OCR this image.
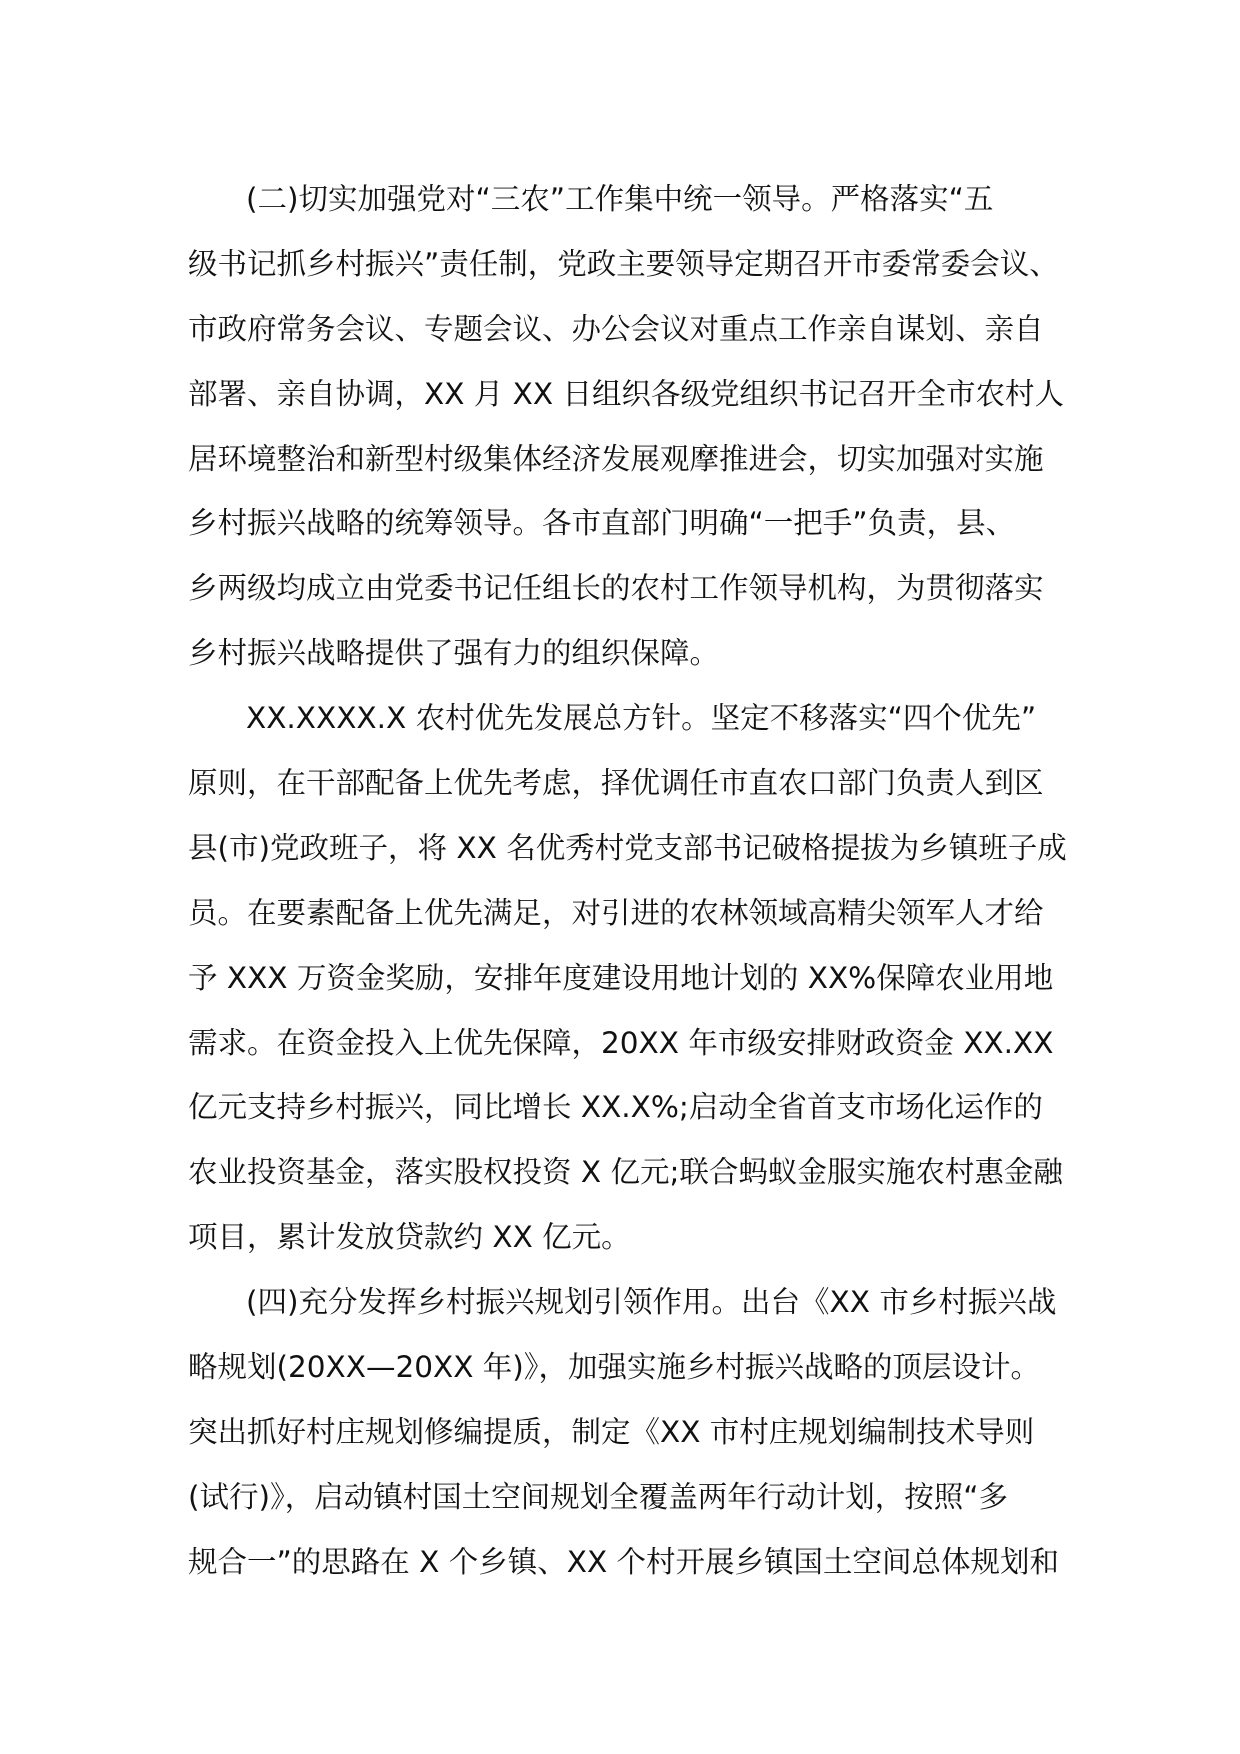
(二)切实加强党对“三农”工作集中统一领导。严格落实“五
级书记抓乡村振兴”责任制，党政主要领导定期召开市委常委会议、
市政府常务会议、专题会议、办公会议对重点工作亲自谋划、亲自
部署、亲自协调，XX 月 XX 日组织各级党组织书记召开全市农村人
居环境整治和新型村级集体经济发展观摩推进会，切实加强对实施
乡村振兴战略的统筹领导。各市直部门明确“一把手”负责，县、
乡两级均成立由党委书记任组长的农村工作领导机构，为贯彻落实
乡村振兴战略提供了强有力的组织保障。
XX.XXXX.X 农村优先发展总方针。坚定不移落实“四个优先”
原则，在干部配备上优先考虑，择优调任市直农口部门负责人到区
县(市)党政班子，将 XX 名优秀村党支部书记破格提拔为乡镇班子成
员。在要素配备上优先满足，对引进的农林领域高精尖领军人才给
予 XXX 万资金奖励，安排年度建设用地计划的 XX%保障农业用地
需求。在资金投入上优先保障，20XX 年市级安排财政资金 XX.XX
亿元支持乡村振兴，同比增长 XX.X%;启动全省首支市场化运作的
农业投资基金，落实股权投资 X 亿元;联合蚂蚁金服实施农村惠金融
项目，累计发放贷款约 XX 亿元。
(四)充分发挥乡村振兴规划引领作用。出台《XX 市乡村振兴战
略规划(20XX—20XX 年)》，加强实施乡村振兴战略的顶层设计。
突出抓好村庄规划修编提质，制定《XX 市村庄规划编制技术导则
(试行)》，启动镇村国土空间规划全覆盖两年行动计划，按照“多
规合一”的思路在 X 个乡镇、XX 个村开展乡镇国土空间总体规划和
